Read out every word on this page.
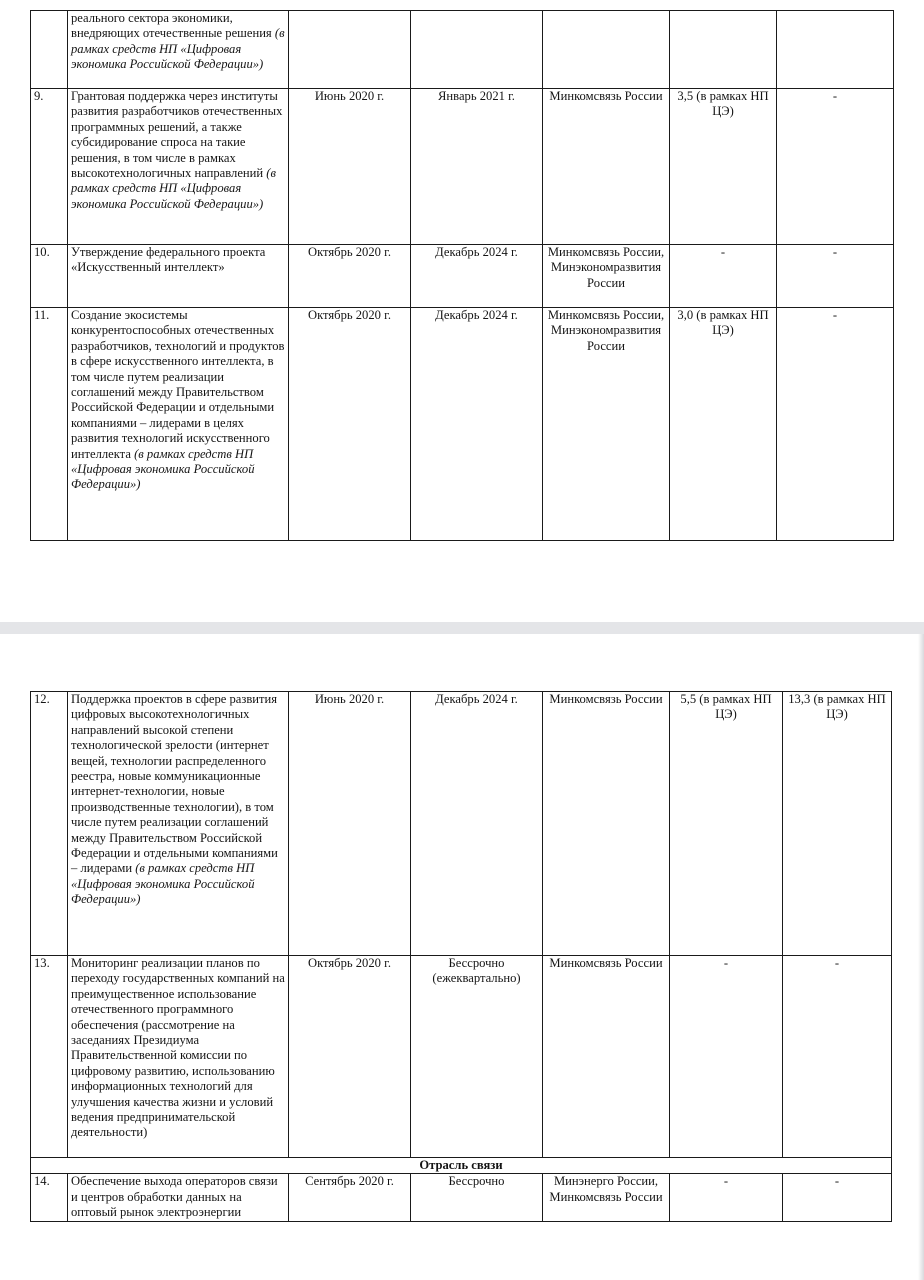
	реального сектора экономики, внедряющих отечественные решения (в рамках средств НП «Цифровая экономика Российской Федерации»)					
9.	Грантовая поддержка через институты развития разработчиков отечественных программных решений, а также субсидирование спроса на такие решения, в том числе в рамках высокотехнологичных направлений (в рамках средств НП «Цифровая экономика Российской Федерации»)	Июнь 2020 г.	Январь 2021 г.	Минкомсвязь России	3,5 (в рамках НП ЦЭ)	-
10.	Утверждение федерального проекта «Искусственный интеллект»	Октябрь 2020 г.	Декабрь 2024 г.	Минкомсвязь России, Минэкономразвития России	-	-
11.	Создание экосистемы конкурентоспособных отечественных разработчиков, технологий и продуктов в сфере искусственного интеллекта, в том числе путем реализации соглашений между Правительством Российской Федерации и отдельными компаниями – лидерами в целях развития технологий искусственного интеллекта (в рамках средств НП «Цифровая экономика Российской Федерации»)	Октябрь 2020 г.	Декабрь 2024 г.	Минкомсвязь России, Минэкономразвития России	3,0 (в рамках НП ЦЭ)	-
12.	Поддержка проектов в сфере развития цифровых высокотехнологичных направлений высокой степени технологической зрелости (интернет вещей, технологии распределенного реестра, новые коммуникационные интернет-технологии, новые производственные технологии), в том числе путем реализации соглашений между Правительством Российской Федерации и отдельными компаниями – лидерами (в рамках средств НП «Цифровая экономика Российской Федерации»)	Июнь 2020 г.	Декабрь 2024 г.	Минкомсвязь России	5,5 (в рамках НП ЦЭ)	13,3 (в рамках НП ЦЭ)
13.	Мониторинг реализации планов по переходу государственных компаний на преимущественное использование отечественного программного обеспечения (рассмотрение на заседаниях Президиума Правительственной комиссии по цифровому развитию, использованию информационных технологий для улучшения качества жизни и условий ведения предпринимательской деятельности)	Октябрь 2020 г.	Бессрочно (ежеквартально)	Минкомсвязь России	-	-
Отрасль связи						
14.	Обеспечение выхода операторов связи и центров обработки данных на оптовый рынок электроэнергии	Сентябрь 2020 г.	Бессрочно	Минэнерго России, Минкомсвязь России	-	-
